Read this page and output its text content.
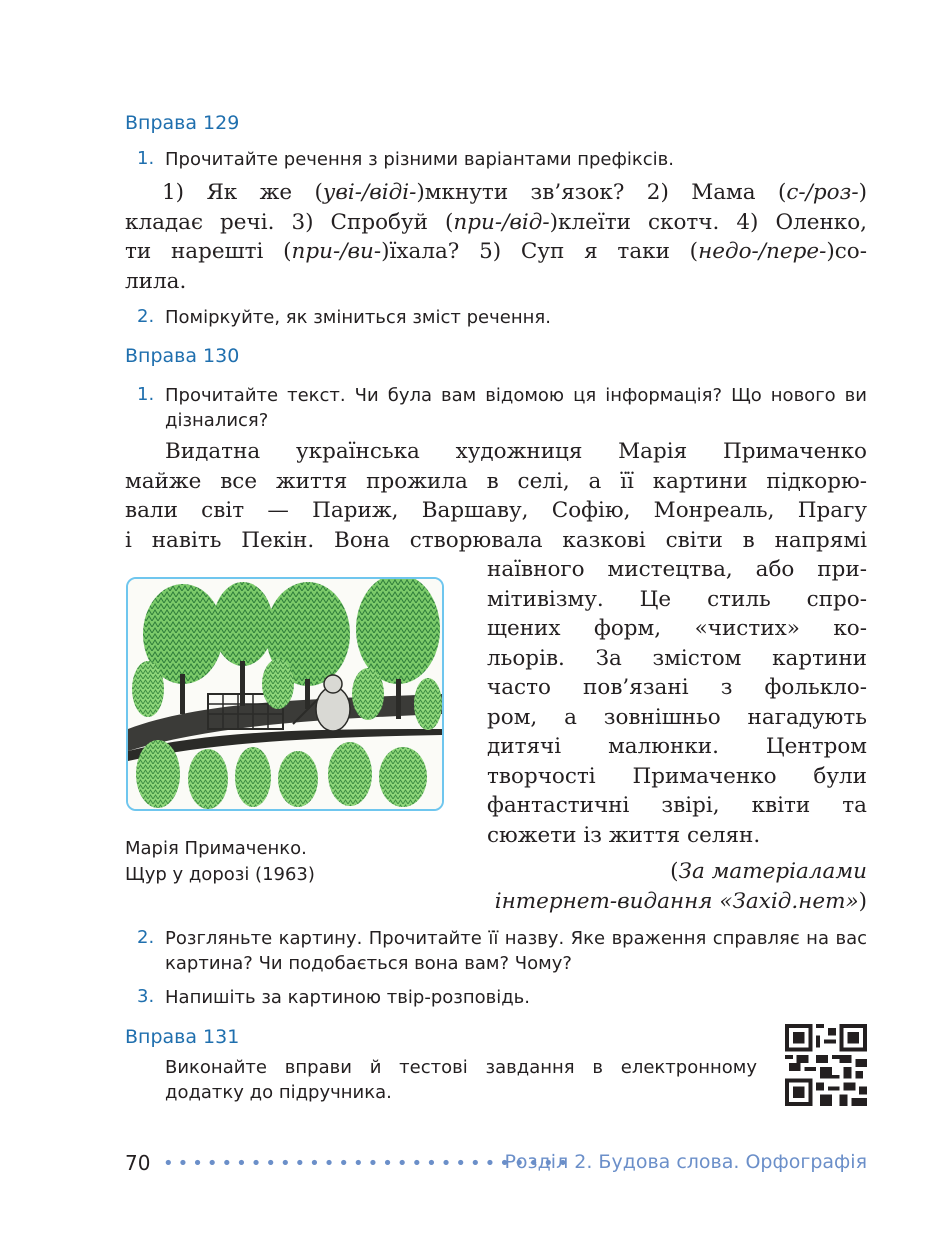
Вправа 129
1. Прочитайте речення з різними варіантами префіксів.
1) Як же (уві-/віді-)мкнути зв’язок? 2) Мама (с-/роз-)
кладає речі. 3) Спробуй (при-/від-)клеїти скотч. 4) Оленко,
ти нарешті (при-/ви-)їхала? 5) Суп я таки (недо-/пере-)со-
лила.
2. Поміркуйте, як зміниться зміст речення.
Вправа 130
1. Прочитайте текст. Чи була вам відомою ця інформація? Що нового ви
дізналися?
Видатна українська художниця Марія Примаченко
майже все життя прожила в селі, а її картини підкорю-
вали світ — Париж, Варшаву, Софію, Монреаль, Прагу
і навіть Пекін. Вона створювала казкові світи в напрямі
наївного мистецтва, або при-
мітивізму. Це стиль спро-
щених форм, «чистих» ко-
льорів. За змістом картини
часто пов’язані з фолькло-
ром, а зовнішньо нагадують
дитячі малюнки. Центром
творчості Примаченко були
фантастичні звірі, квіти та
сюжети із життя селян.
(За матеріалами
інтернет-видання «Захід.нет»)
Марія Примаченко.
Щур у дорозі (1963)
2. Розгляньте картину. Прочитайте її назву. Яке враження справляє на вас
картина? Чи подобається вона вам? Чому?
3. Напишіть за картиною твір-розповідь.
Вправа 131
Виконайте вправи й тестові завдання в електронному
додатку до підручника.
70 ••••••••••••••••••••••••••••
Розділ 2. Будова слова. Орфографія
